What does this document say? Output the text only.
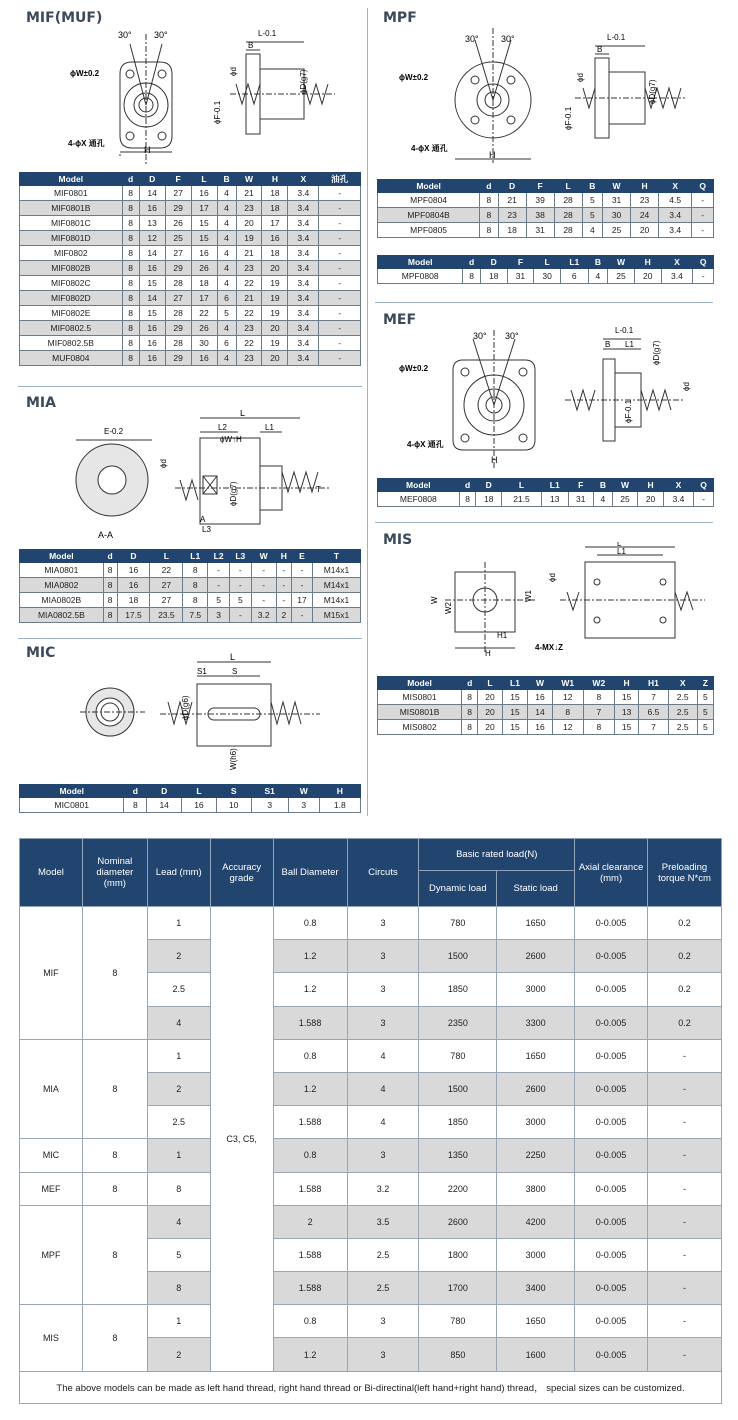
MIF(MUF)	MPF
MIA
MEF
MIC
MIS
30° 30°
ϕW±0.2
4-ϕX 通孔
H
L-0.1
B
ϕd	ϕD(g7)
ϕF-0.1
Model	d	D	F	L	B	W	H	X	油孔
MIF0801	8	14	27	16	4	21	18	3.4	-
MIF0801B	8	16	29	17	4	23	18	3.4	-
MIF0801C	8	13	26	15	4	20	17	3.4	-
MIF0801D	8	12	25	15	4	19	16	3.4	-
MIF0802	8	14	27	16	4	21	18	3.4	-
MIF0802B	8	16	29	26	4	23	20	3.4	-
MIF0802C	8	15	28	18	4	22	19	3.4	-
MIF0802D	8	14	27	17	6	21	19	3.4	-
MIF0802E	8	15	28	22	5	22	19	3.4	-
MIF0802.5	8	16	29	26	4	23	20	3.4	-
MIF0802.5B	8	16	28	30	6	22	19	3.4	-
MUF0804	8	16	29	16	4	23	20	3.4	-
30° 30°
ϕW±0.2
4-ϕX 通孔
H
L-0.1
B
ϕd
ϕD(g7)
ϕF-0.1
Model	d	D	F	L	B	W	H	X	Q
MPF0804	8	21	39	28	5	31	23	4.5	-
MPF0804B	8	23	38	28	5	30	24	3.4	-
MPF0805	8	18	31	28	4	25	20	3.4	-
Model	d	D	F	L	L1	B	W	H	X	Q
MPF0808	8	18	31	30	6	4	25	20	3.4	-
E-0.2
A-A
L
L2	L1
ϕW↑H
ϕd
ϕD(g7)
A
L3
T
Model	d	D	L	L1	L2	L3	W	H	E	T
MIA0801	8	16	22	8	-	-	-	-	-	M14x1
MIA0802	8	16	27	8	-	-	-	-	-	M14x1
MIA0802B	8	18	27	8	5	5	-	-	17	M14x1
MIA0802.5B	8	17.5	23.5	7.5	3	-	3.2	2	-	M15x1
30° 30°
ϕW±0.2
4-ϕX 通孔
H
L-0.1
B L1
ϕd
ϕD(g7)
ϕF-0.1
Model	d	D	L	L1	F	B	W	H	X	Q
MEF0808	8	18	21.5	13	31	4	25	20	3.4	-
L
S1	S
ϕD(g6)
W(h6)
Model	d	D	L	S	S1	W	H
MIC0801	8	14	16	10	3	3	1.8
L
L1
W
W2
W1
ϕd
H1
H
4-MX↓Z
Model	d	L	L1	W	W1	W2	H	H1	X	Z
MIS0801	8	20	15	16	12	8	15	7	2.5	5
MIS0801B	8	20	15	14	8	7	13	6.5	2.5	5
MIS0802	8	20	15	16	12	8	15	7	2.5	5
Model	Nominal diameter (mm)	Lead (mm)	Accuracy grade	Ball Diameter	Circuts	Basic rated load(N)		Axial clearance (mm)	Preloading torque N*cm
						Dynamic load	Static load		
MIF	8	1	C3, C5,	0.8	3	780	1650	0-0.005	0.2
		2		1.2	3	1500	2600	0-0.005	0.2
		2.5		1.2	3	1850	3000	0-0.005	0.2
		4		1.588	3	2350	3300	0-0.005	0.2
MIA	8	1		0.8	4	780	1650	0-0.005	-
		2		1.2	4	1500	2600	0-0.005	-
		2.5		1.588	4	1850	3000	0-0.005	-
MIC	8	1		0.8	3	1350	2250	0-0.005	-
MEF	8	8		1.588	3.2	2200	3800	0-0.005	-
MPF	8	4		2	3.5	2600	4200	0-0.005	-
		5		1.588	2.5	1800	3000	0-0.005	-
		8		1.588	2.5	1700	3400	0-0.005	-
MIS	8	1		0.8	3	780	1650	0-0.005	-
		2		1.2	3	850	1600	0-0.005	-
The above models can be made as left hand thread, right hand thread or Bi-directinal(left hand+right hand) thread， special sizes can be customized.
